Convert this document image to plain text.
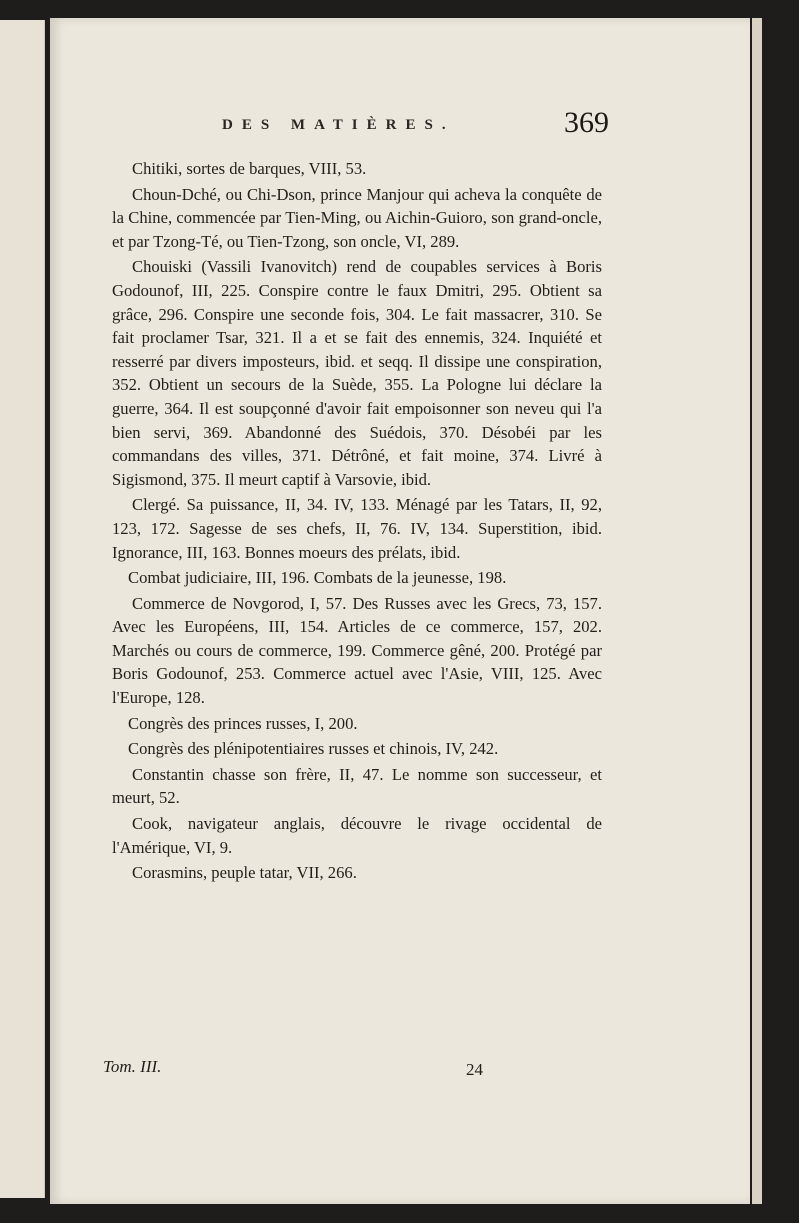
DES MATIÈRES.	369

Chitiki, sortes de barques, VIII, 53.

Choun-Dché, ou Chi-Dson, prince Manjour qui acheva la conquête de la Chine, commencée par Tien-Ming, ou Aichin-Guioro, son grand-oncle, et par Tzong-Té, ou Tien-Tzong, son oncle, VI, 289.

Chouiski (Vassili Ivanovitch) rend de coupables services à Boris Godounof, III, 225. Conspire contre le faux Dmitri, 295. Obtient sa grâce, 296. Conspire une seconde fois, 304. Le fait massacrer, 310. Se fait proclamer Tsar, 321. Il a et se fait des ennemis, 324. Inquiété et resserré par divers imposteurs, ibid. et seqq. Il dissipe une conspiration, 352. Obtient un secours de la Suède, 355. La Pologne lui déclare la guerre, 364. Il est soupçonné d'avoir fait empoisonner son neveu qui l'a bien servi, 369. Abandonné des Suédois, 370. Désobéi par les commandans des villes, 371. Détrôné, et fait moine, 374. Livré à Sigismond, 375. Il meurt captif à Varsovie, ibid.

Clergé. Sa puissance, II, 34. IV, 133. Ménagé par les Tatars, II, 92, 123, 172. Sagesse de ses chefs, II, 76. IV, 134. Superstition, ibid. Ignorance, III, 163. Bonnes moeurs des prélats, ibid.

Combat judiciaire, III, 196. Combats de la jeunesse, 198.

Commerce de Novgorod, I, 57. Des Russes avec les Grecs, 73, 157. Avec les Européens, III, 154. Articles de ce commerce, 157, 202. Marchés ou cours de commerce, 199. Commerce gêné, 200. Protégé par Boris Godounof, 253. Commerce actuel avec l'Asie, VIII, 125. Avec l'Europe, 128.

Congrès des princes russes, I, 200.

Congrès des plénipotentiaires russes et chinois, IV, 242.

Constantin chasse son frère, II, 47. Le nomme son successeur, et meurt, 52.

Cook, navigateur anglais, découvre le rivage occidental de l'Amérique, VI, 9.

Corasmins, peuple tatar, VII, 266.

Tom. III.	24
